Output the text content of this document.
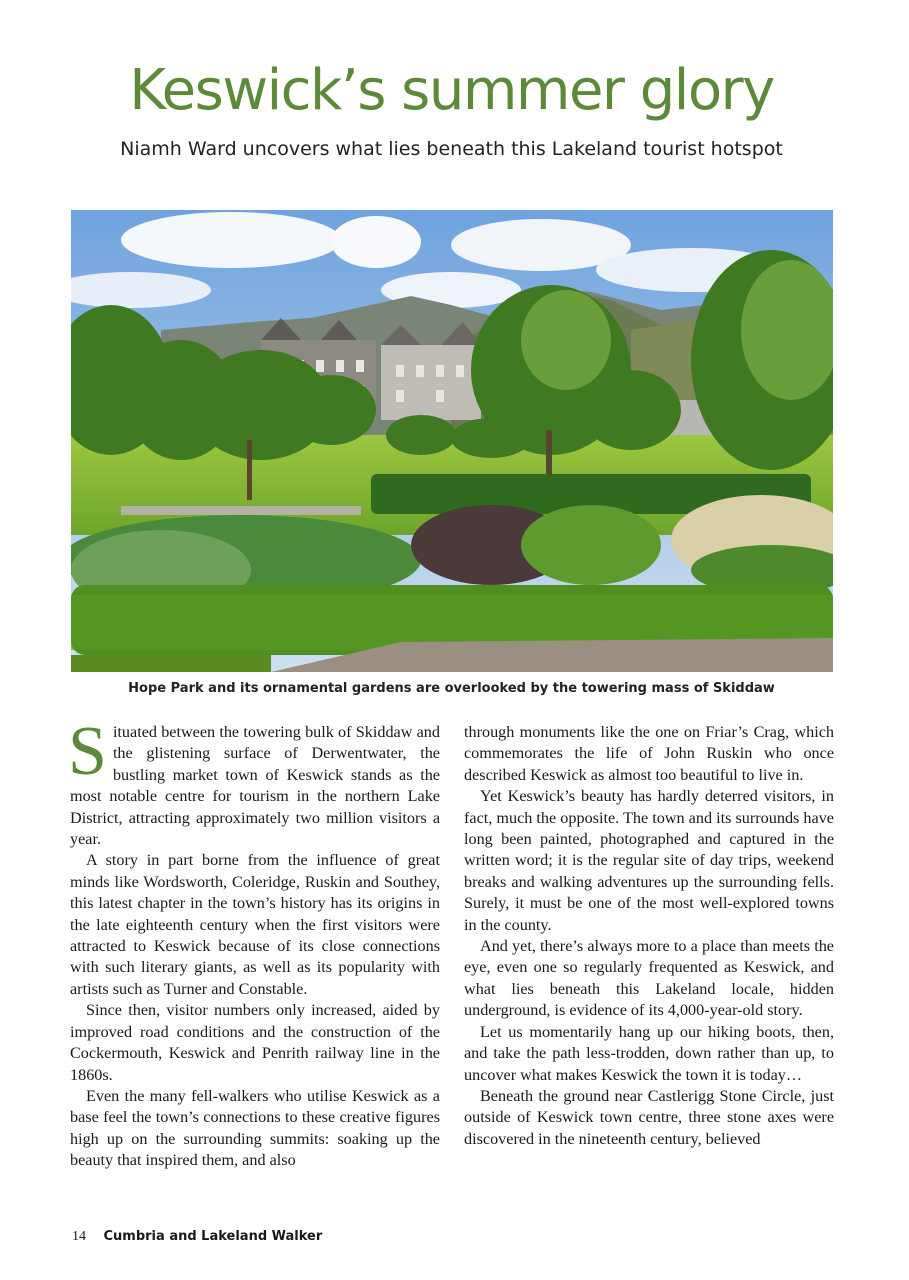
Keswick’s summer glory
Niamh Ward uncovers what lies beneath this Lakeland tourist hotspot
Hope Park and its ornamental gardens are overlooked by the towering mass of Skiddaw
S ituated between the towering bulk of Skiddaw and the glistening surface of Derwentwater, the bustling market town of Keswick stands as the most notable centre for tourism in the northern Lake District, attracting approximately two million visitors a year.

A story in part borne from the influence of great minds like Wordsworth, Coleridge, Ruskin and Southey, this latest chapter in the town’s history has its origins in the late eighteenth century when the first visitors were attracted to Keswick because of its close connections with such literary giants, as well as its popularity with artists such as Turner and Constable.

Since then, visitor numbers only increased, aided by improved road conditions and the construction of the Cockermouth, Keswick and Penrith railway line in the 1860s.

Even the many fell-walkers who utilise Keswick as a base feel the town’s connections to these creative figures high up on the surrounding summits: soaking up the beauty that inspired them, and also

through monuments like the one on Friar’s Crag, which commemorates the life of John Ruskin who once described Keswick as almost too beautiful to live in.

Yet Keswick’s beauty has hardly deterred visitors, in fact, much the opposite. The town and its surrounds have long been painted, photographed and captured in the written word; it is the regular site of day trips, weekend breaks and walking adventures up the surrounding fells. Surely, it must be one of the most well-explored towns in the county.

And yet, there’s always more to a place than meets the eye, even one so regularly frequented as Keswick, and what lies beneath this Lakeland locale, hidden underground, is evidence of its 4,000-year-old story.

Let us momentarily hang up our hiking boots, then, and take the path less-trodden, down rather than up, to uncover what makes Keswick the town it is today…

Beneath the ground near Castlerigg Stone Circle, just outside of Keswick town centre, three stone axes were discovered in the nineteenth century, believed

14 Cumbria and Lakeland Walker
